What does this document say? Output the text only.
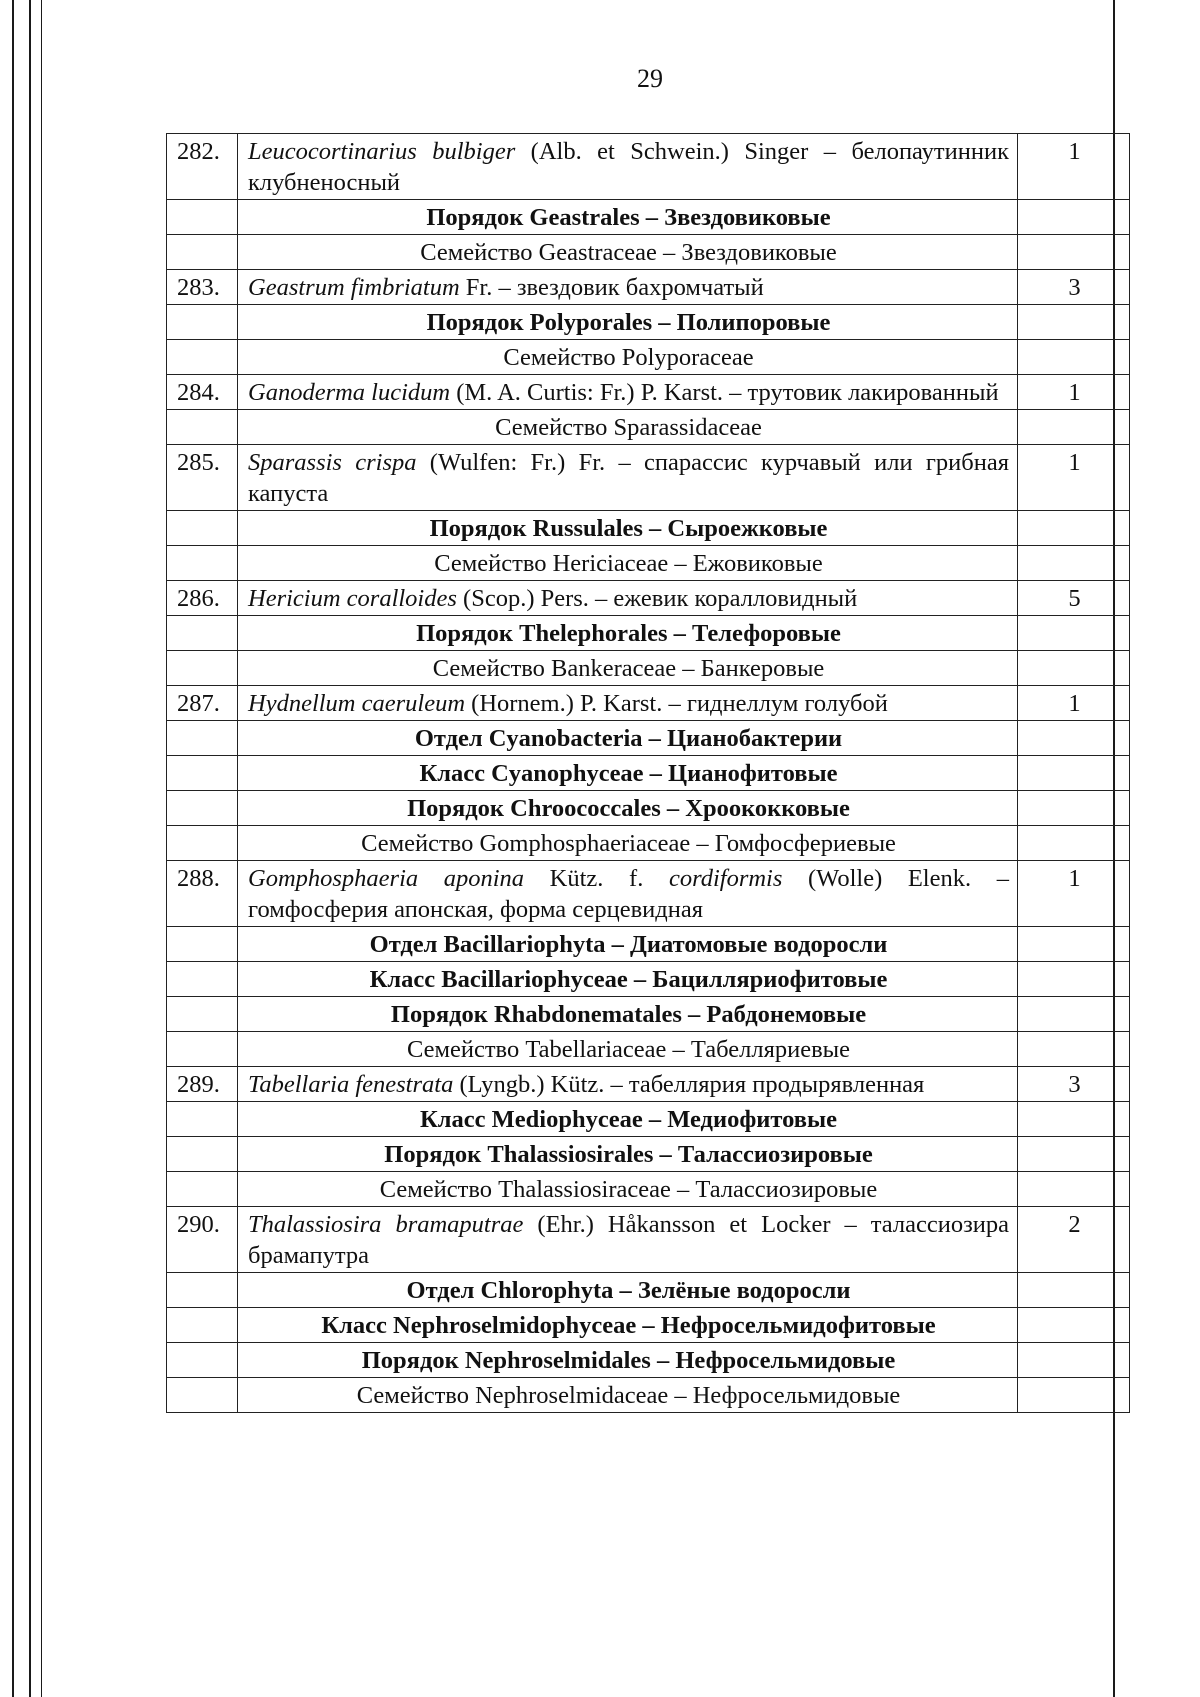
29
282.	Leucocortinarius bulbiger (Alb. et Schwein.) Singer – белопаутинник клубненосный	1
	Порядок Geastrales – Звездовиковые	
	Семейство Geastraceae – Звездовиковые	
283.	Geastrum fimbriatum Fr. – звездовик бахромчатый	3
	Порядок Polyporales – Полипоровые	
	Семейство Polyporaceae	
284.	Ganoderma lucidum (M. A. Curtis: Fr.) P. Karst. – трутовик лакированный	1
	Семейство Sparassidaceae	
285.	Sparassis crispa (Wulfen: Fr.) Fr. – спарассис курчавый или грибная капуста	1
	Порядок Russulales – Сыроежковые	
	Семейство Hericiaceae – Ежовиковые	
286.	Hericium coralloides (Scop.) Pers. – ежевик коралловидный	5
	Порядок Thelephorales – Телефоровые	
	Семейство Bankeraceae – Банкеровые	
287.	Hydnellum caeruleum (Hornem.) P. Karst. – гиднеллум голубой	1
	Отдел Cyanobacteria – Цианобактерии	
	Класс Cyanophyceae – Цианофитовые	
	Порядок Chroococcales – Хроококковые	
	Семейство Gomphosphaeriaceae – Гомфосфериевые	
288.	Gomphosphaeria aponina Kütz. f. cordiformis (Wolle) Elenk. – гомфосферия апонская, форма серцевидная	1
	Отдел Bacillariophyta – Диатомовые водоросли	
	Класс Bacillariophyceae – Бацилляриофитовые	
	Порядок Rhabdonematales – Рабдонемовые	
	Семейство Tabellariaceae – Табелляриевые	
289.	Tabellaria fenestrata (Lyngb.) Kütz. – табеллярия продырявленная	3
	Класс Mediophyceae – Медиофитовые	
	Порядок Thalassiosirales – Талассиозировые	
	Семейство Thalassiosiraceae – Талассиозировые	
290.	Thalassiosira bramaputrae (Ehr.) Håkansson et Locker – талассиозира брамапутра	2
	Отдел Chlorophyta – Зелёные водоросли	
	Класс Nephroselmidophyceae – Нефросельмидофитовые	
	Порядок Nephroselmidales – Нефросельмидовые	
	Семейство Nephroselmidaceae – Нефросельмидовые	
